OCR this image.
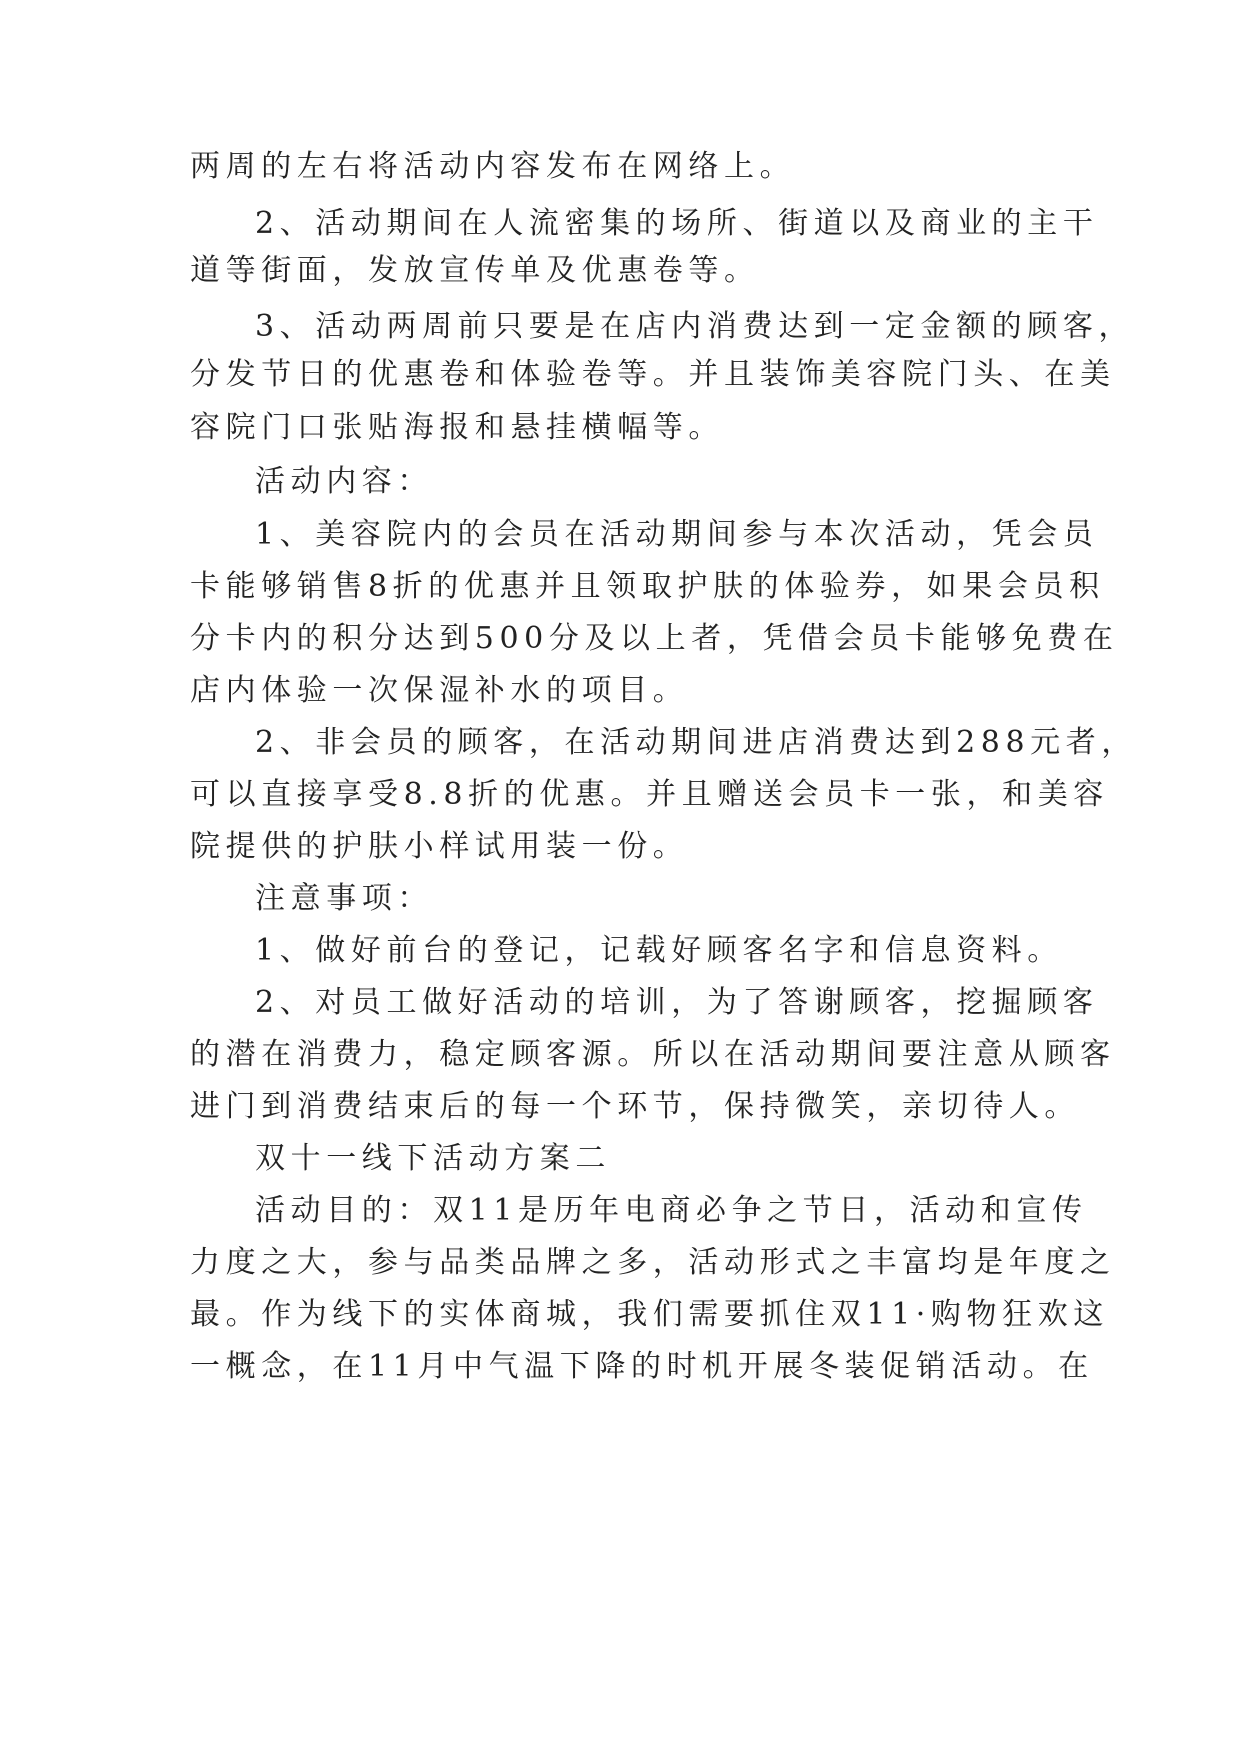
两周的左右将活动内容发布在网络上。
2、活动期间在人流密集的场所、街道以及商业的主干
道等街面，发放宣传单及优惠卷等。
3、活动两周前只要是在店内消费达到一定金额的顾客，
分发节日的优惠卷和体验卷等。并且装饰美容院门头、在美
容院门口张贴海报和悬挂横幅等。
活动内容：
1、美容院内的会员在活动期间参与本次活动，凭会员
卡能够销售8折的优惠并且领取护肤的体验券，如果会员积
分卡内的积分达到500分及以上者，凭借会员卡能够免费在
店内体验一次保湿补水的项目。
2、非会员的顾客，在活动期间进店消费达到288元者，
可以直接享受8.8折的优惠。并且赠送会员卡一张，和美容
院提供的护肤小样试用装一份。
注意事项：
1、做好前台的登记，记载好顾客名字和信息资料。
2、对员工做好活动的培训，为了答谢顾客，挖掘顾客
的潜在消费力，稳定顾客源。所以在活动期间要注意从顾客
进门到消费结束后的每一个环节，保持微笑，亲切待人。
双十一线下活动方案二
活动目的：双11是历年电商必争之节日，活动和宣传
力度之大，参与品类品牌之多，活动形式之丰富均是年度之
最。作为线下的实体商城，我们需要抓住双11·购物狂欢这
一概念，在11月中气温下降的时机开展冬装促销活动。在
